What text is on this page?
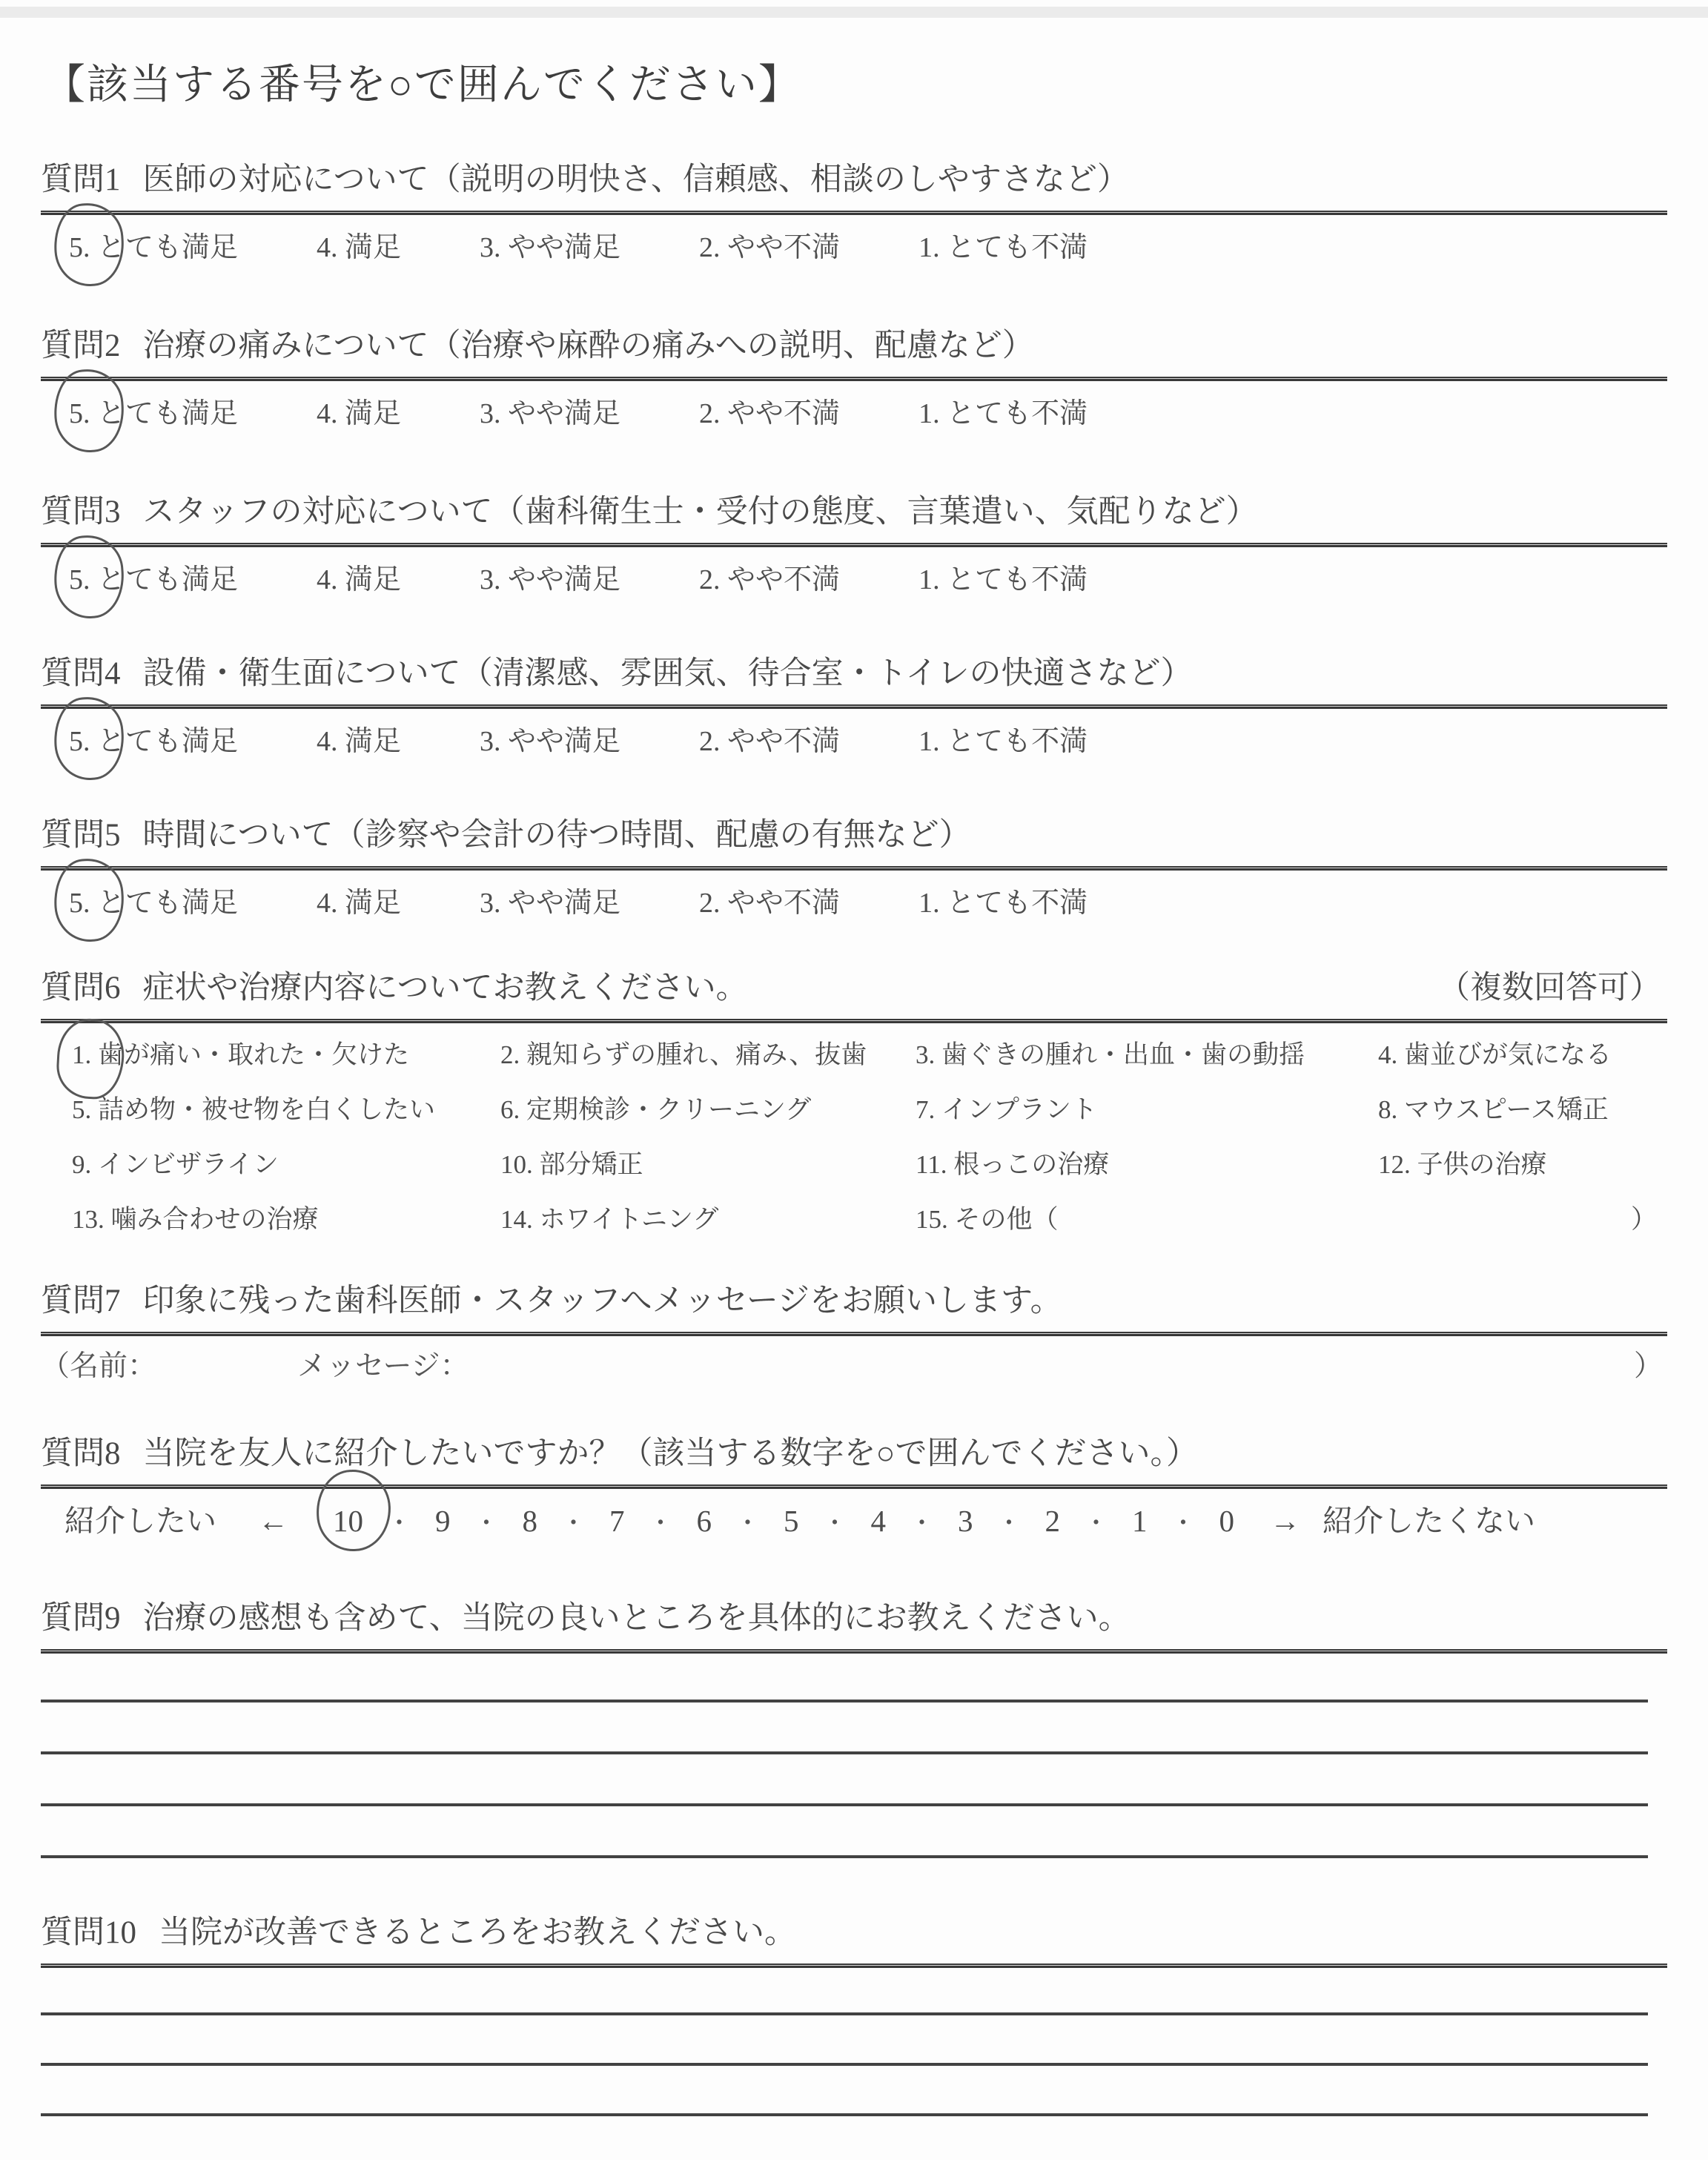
【該当する番号を○で囲んでください】
質問1 医師の対応について（説明の明快さ、信頼感、相談のしやすさなど）
5. とても満足	4. 満足	3. やや満足	2. やや不満	1. とても不満
質問2 治療の痛みについて（治療や麻酔の痛みへの説明、配慮など）
5. とても満足	4. 満足	3. やや満足	2. やや不満	1. とても不満
質問3 スタッフの対応について（歯科衛生士・受付の態度、言葉遣い、気配りなど）
5. とても満足	4. 満足	3. やや満足	2. やや不満	1. とても不満
質問4 設備・衛生面について（清潔感、雰囲気、待合室・トイレの快適さなど）
5. とても満足	4. 満足	3. やや満足	2. やや不満	1. とても不満
質問5 時間について（診察や会計の待つ時間、配慮の有無など）
5. とても満足	4. 満足	3. やや満足	2. やや不満	1. とても不満
質問6 症状や治療内容についてお教えください。	（複数回答可）
1. 歯が痛い・取れた・欠けた	2. 親知らずの腫れ、痛み、抜歯	3. 歯ぐきの腫れ・出血・歯の動揺	4. 歯並びが気になる
5. 詰め物・被せ物を白くしたい	6. 定期検診・クリーニング	7. インプラント	8. マウスピース矯正
9. インビザライン	10. 部分矯正	11. 根っこの治療	12. 子供の治療
13. 噛み合わせの治療	14. ホワイトニング	15. その他（	）
質問7 印象に残った歯科医師・スタッフへメッセージをお願いします。
（名前：	メッセージ：	）
質問8 当院を友人に紹介したいですか？（該当する数字を○で囲んでください。）
紹介したい ← 10 ・ 9 ・ 8 ・ 7 ・ 6 ・ 5 ・ 4 ・ 3 ・ 2 ・ 1 ・ 0 → 紹介したくない
質問9 治療の感想も含めて、当院の良いところを具体的にお教えください。
質問10 当院が改善できるところをお教えください。
